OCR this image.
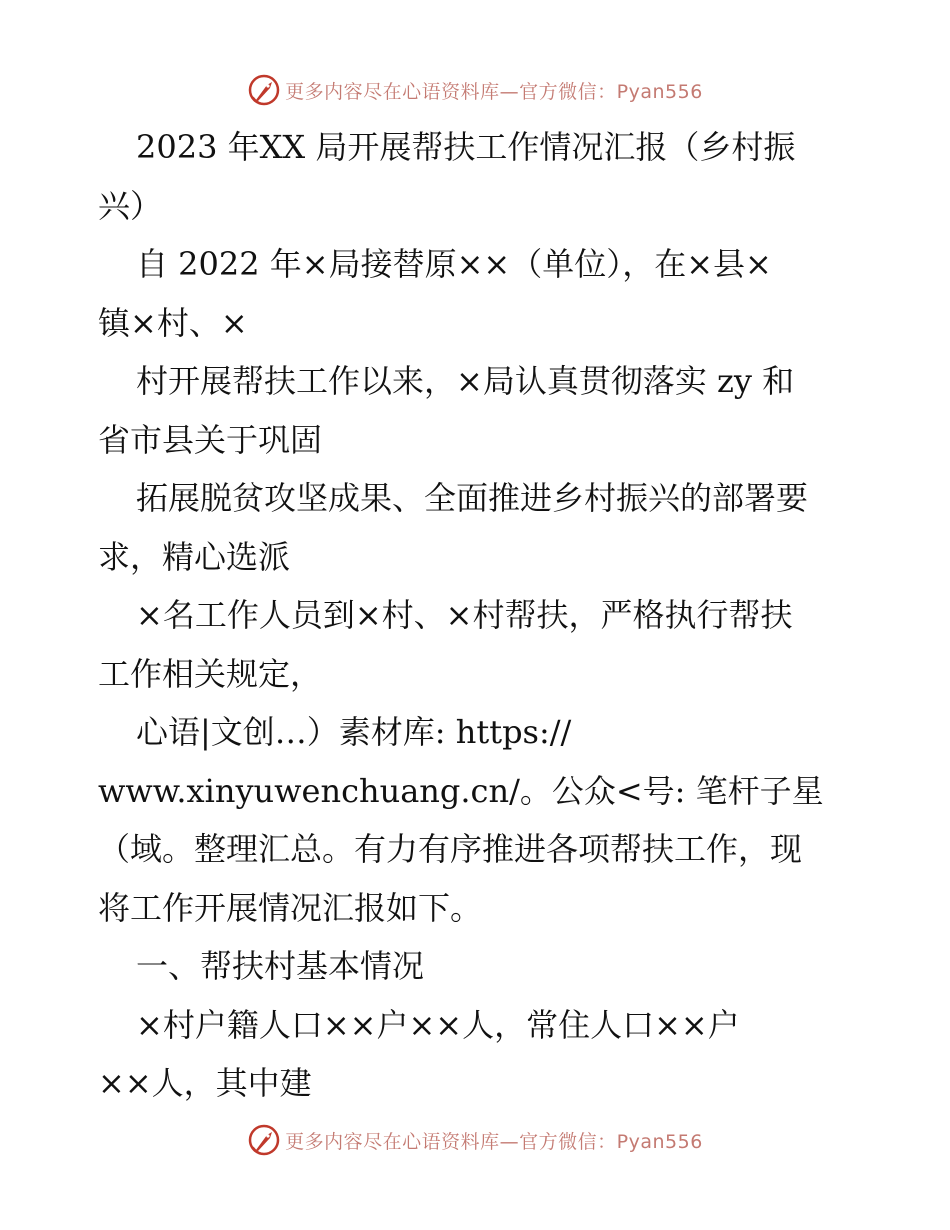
更多内容尽在心语资料库—官方微信：Pyan556
2023 年XX 局开展帮扶工作情况汇报（乡村振
兴）
自 2022 年×局接替原××（单位），在×县×
镇×村、×
村开展帮扶工作以来，×局认真贯彻落实 zy 和
省市县关于巩固
拓展脱贫攻坚成果、全面推进乡村振兴的部署要
求，精心选派
×名工作人员到×村、×村帮扶，严格执行帮扶
工作相关规定，
心语|文创…）素材库: https://
www.xinyuwenchuang.cn/。公众<号: 笔杆子星
（域。整理汇总。有力有序推进各项帮扶工作，现
将工作开展情况汇报如下。
一、帮扶村基本情况
×村户籍人口××户××人，常住人口××户
××人，其中建
更多内容尽在心语资料库—官方微信：Pyan556
